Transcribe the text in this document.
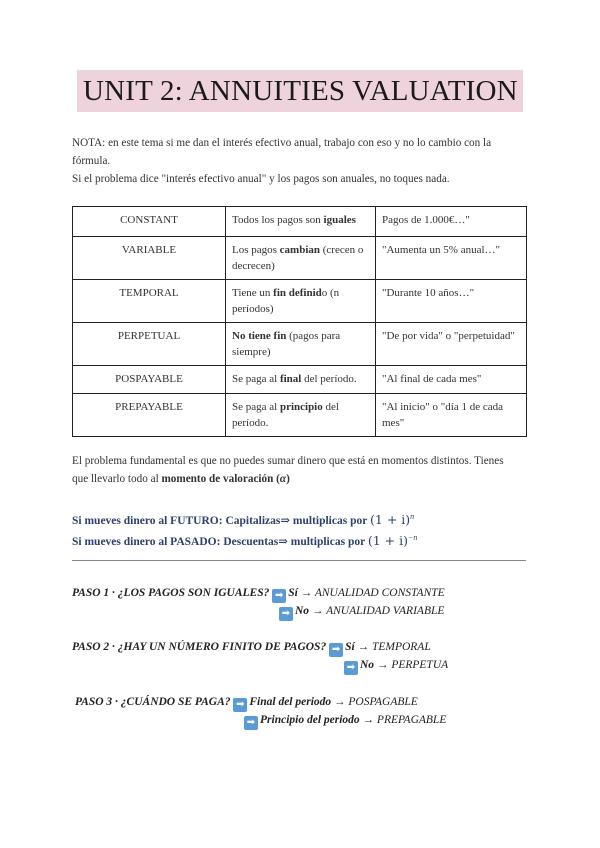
UNIT 2: ANNUITIES VALUATION
NOTA: en este tema si me dan el interés efectivo anual, trabajo con eso y no lo cambio con la
fórmula.
Si el problema dice "interés efectivo anual" y los pagos son anuales, no toques nada.
CONSTANT	Todos los pagos son iguales	Pagos de 1.000€…"
VARIABLE	Los pagos cambian (crecen o decrecen)	"Aumenta un 5% anual…"
TEMPORAL	Tiene un fin definido (n períodos)	"Durante 10 años…"
PERPETUAL	No tiene fin (pagos para siempre)	"De por vida" o "perpetuidad"
POSPAYABLE	Se paga al final del período.	"Al final de cada mes"
PREPAYABLE	Se paga al principio del período.	"Al inicio" o "día 1 de cada mes"
El problema fundamental es que no puedes sumar dinero que está en momentos distintos. Tienes
que llevarlo todo al momento de valoración (α)
Si mueves dinero al FUTURO: Capitalizas⇒ multiplicas por $(1 + i)^n$
Si mueves dinero al PASADO: Descuentas⇒ multiplicas por $(1 + i)^{-n}$
PASO 1 · ¿LOS PAGOS SON IGUALES? ➡ Sí → ANUALIDAD CONSTANTE
➡ No → ANUALIDAD VARIABLE
PASO 2 · ¿HAY UN NÚMERO FINITO DE PAGOS? ➡ Sí → TEMPORAL
➡ No → PERPETUA
PASO 3 · ¿CUÁNDO SE PAGA? ➡ Final del periodo → POSPAGABLE
➡ Principio del periodo → PREPAGABLE
